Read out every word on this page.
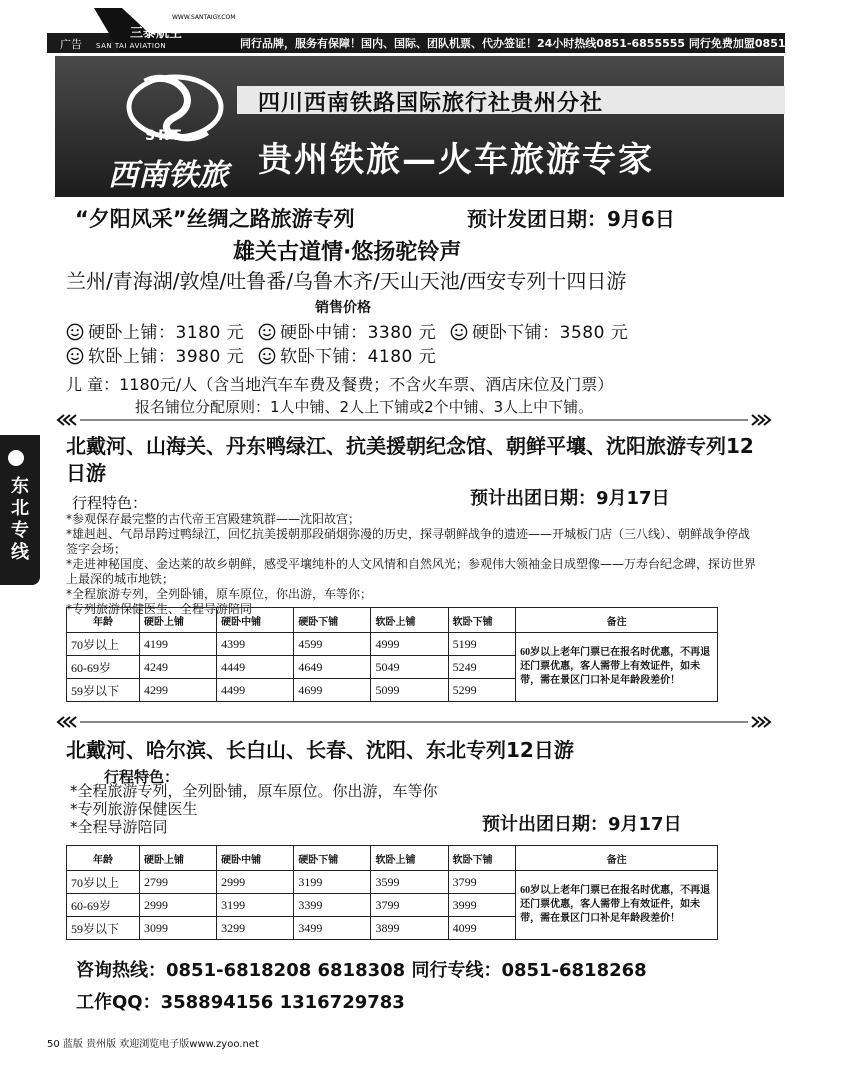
广告
WWW.SANTAIGY.COM
三泰航空
SAN TAI AVIATION	同行品牌，服务有保障！国内、国际、团队机票、代办签证！24小时热线0851-6855555 同行免费加盟0851-6800323-3
SRT
西南铁旅
四川西南铁路国际旅行社贵州分社
贵州铁旅—火车旅游专家
“夕阳风采”丝绸之路旅游专列	预计发团日期：9月6日
雄关古道情·悠扬驼铃声
兰州/青海湖/敦煌/吐鲁番/乌鲁木齐/天山天池/西安专列十四日游
销售价格
硬卧上铺：3180 元 硬卧中铺：3380 元 硬卧下铺：3580 元
软卧上铺：3980 元 软卧下铺：4180 元
儿 童：1180元/人（含当地汽车车费及餐费；不含火车票、酒店床位及门票）
报名铺位分配原则：1人中铺、2人上下铺或2个中铺、3人上中下铺。
东北专线
北戴河、山海关、丹东鸭绿江、抗美援朝纪念馆、朝鲜平壤、沈阳旅游专列12日游
预计出团日期：9月17日
行程特色：
*参观保存最完整的古代帝王宫殿建筑群——沈阳故宫；
*雄赳赳、气昂昂跨过鸭绿江，回忆抗美援朝那段硝烟弥漫的历史，探寻朝鲜战争的遗迹——开城板门店（三八线）、朝鲜战争停战签字会场；
*走进神秘国度、金达莱的故乡朝鲜，感受平壤纯朴的人文风情和自然风光；参观伟大领袖金日成塑像——万寿台纪念碑，探访世界上最深的城市地铁；
*全程旅游专列，全列卧铺，原车原位，你出游，车等你；
*专列旅游保健医生、全程导游陪同
年龄	硬卧上铺	硬卧中铺	硬卧下铺	软卧上铺	软卧下铺	备注
70岁以上	4199	4399	4599	4999	5199	60岁以上老年门票已在报名时优惠，不再退还门票优惠，客人需带上有效证件，如未带，需在景区门口补足年龄段差价！
60-69岁	4249	4449	4649	5049	5249	
59岁以下	4299	4499	4699	5099	5299	
北戴河、哈尔滨、长白山、长春、沈阳、东北专列12日游
行程特色：
*全程旅游专列，全列卧铺，原车原位。你出游，车等你
*专列旅游保健医生
*全程导游陪同	预计出团日期：9月17日
年龄	硬卧上铺	硬卧中铺	硬卧下铺	软卧上铺	软卧下铺	备注
70岁以上	2799	2999	3199	3599	3799	60岁以上老年门票已在报名时优惠，不再退还门票优惠，客人需带上有效证件，如未带，需在景区门口补足年龄段差价！
60-69岁	2999	3199	3399	3799	3999	
59岁以下	3099	3299	3499	3899	4099	
咨询热线：0851-6818208 6818308 同行专线：0851-6818268
工作QQ：358894156 1316729783
50 蓝版 贵州版 欢迎浏览电子版www.zyoo.net
